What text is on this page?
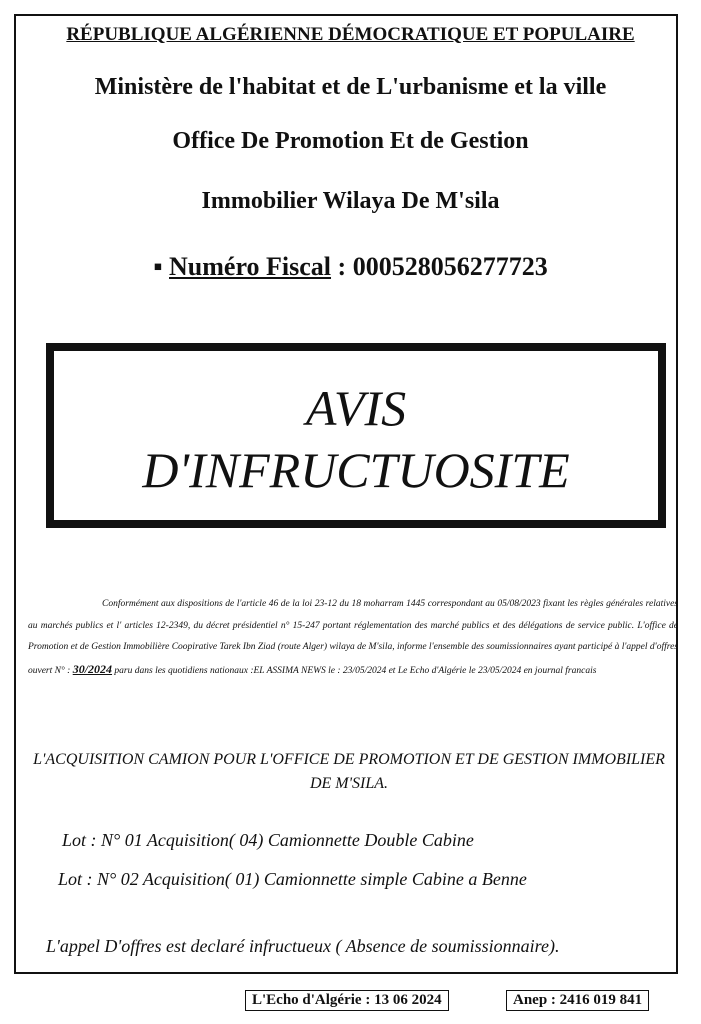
RÉPUBLIQUE ALGÉRIENNE DÉMOCRATIQUE ET POPULAIRE
Ministère de l'habitat et de L'urbanisme et la ville
Office De Promotion Et de Gestion
Immobilier Wilaya De M'sila
▪ Numéro Fiscal : 000528056277723
AVIS
D'INFRUCTUOSITE
Conformément aux dispositions de l'article 46 de la loi 23-12 du 18 moharram 1445 correspondant au 05/08/2023 fixant les règles générales relatives au marchés publics et l' articles 12-2349, du décret présidentiel n° 15-247 portant réglementation des marché publics et des délégations de service public. L'office de Promotion et de Gestion Immobilière Coopirative Tarek Ibn Ziad (route Alger) wilaya de M'sila, informe l'ensemble des soumissionnaires ayant participé à l'appel d'offres ouvert N° : 30/2024 paru dans les quotidiens nationaux :EL ASSIMA NEWS le : 23/05/2024 et Le Echo d'Algérie le 23/05/2024 en journal francais
L'ACQUISITION CAMION POUR L'OFFICE DE PROMOTION ET DE GESTION IMMOBILIER DE M'SILA.
Lot : N° 01 Acquisition( 04) Camionnette Double Cabine
Lot : N° 02 Acquisition( 01) Camionnette simple Cabine a Benne
L'appel D'offres est declaré infructueux ( Absence de soumissionnaire).
L'Echo d'Algérie : 13 06 2024	Anep : 2416 019 841
